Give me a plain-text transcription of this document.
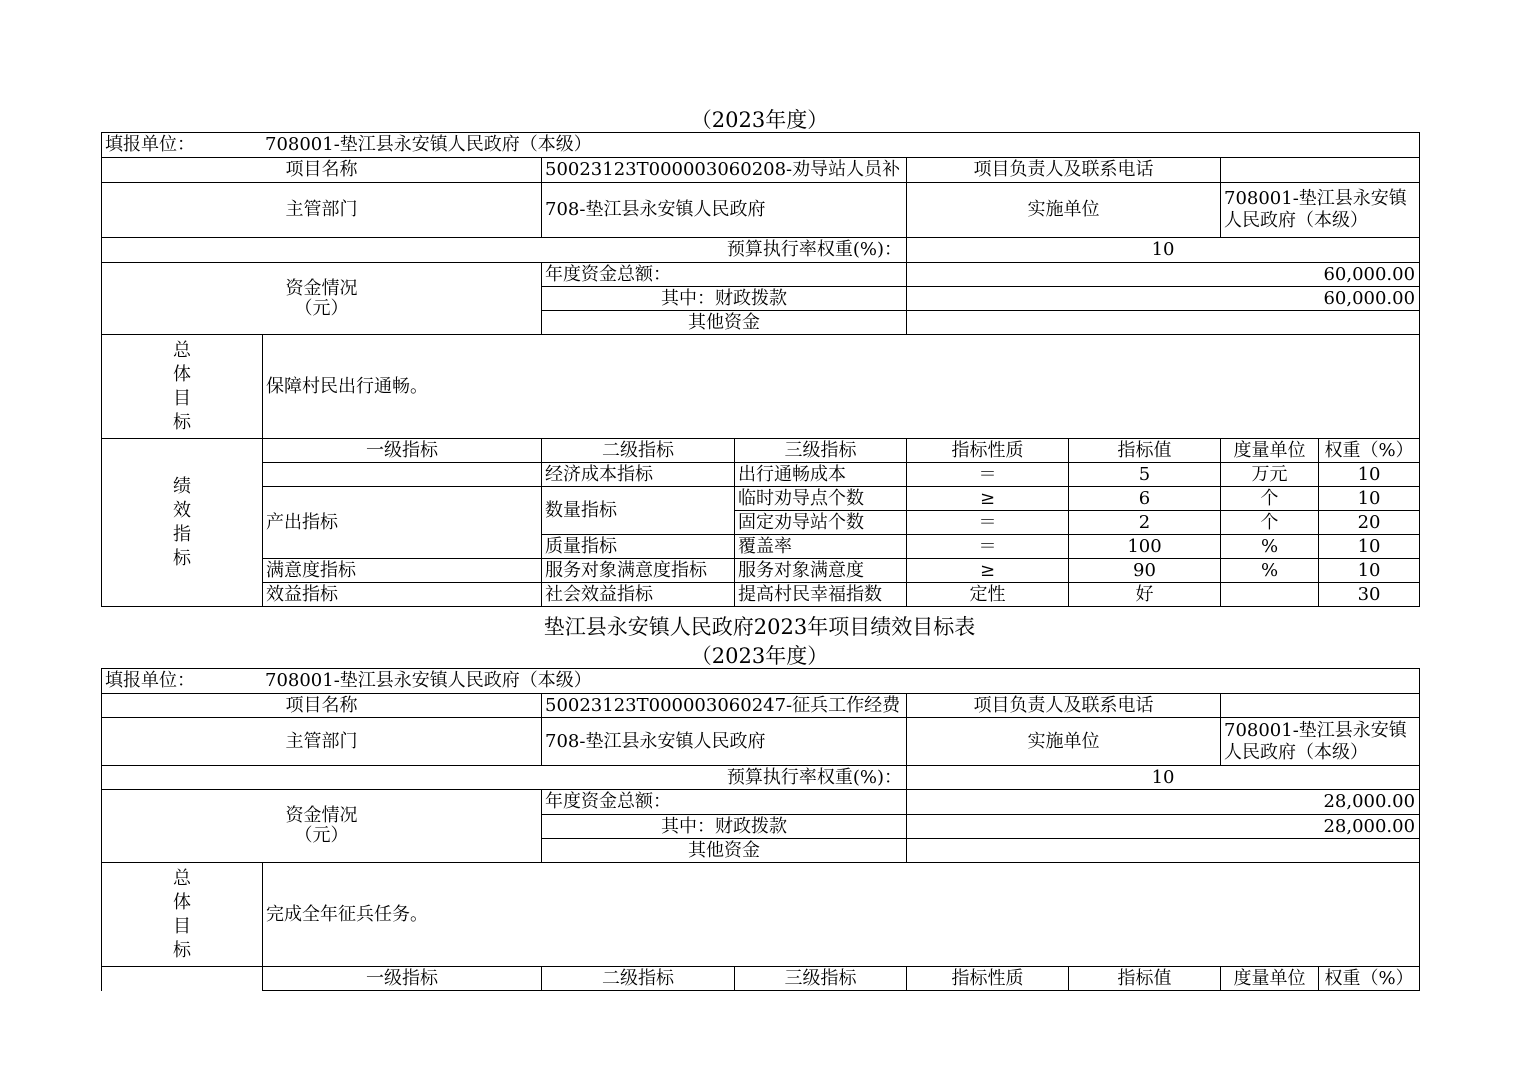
（2023年度）
填报单位： 708001-垫江县永安镇人民政府（本级）							
项目名称		50023123T000003060208-劝导站人员补		项目负责人及联系电话			
主管部门		708-垫江县永安镇人民政府		实施单位		708001-垫江县永安镇人民政府（本级）	
预算执行率权重(%)：				10			

资金情况
（元）		年度资金总额：		60,000.00			
		其中：财政拨款		60,000.00			
		其他资金					

总
体
目
标	保障村民出行通畅。						

绩
效
指
标	一级指标	二级指标	三级指标	指标性质	指标值	度量单位	权重（%）
		经济成本指标	出行通畅成本	＝	5	万元	10
	产出指标	数量指标	临时劝导点个数	≥	6	个	10
			固定劝导站个数	＝	2	个	20
		质量指标	覆盖率	＝	100	%	10
	满意度指标	服务对象满意度指标	服务对象满意度	≥	90	%	10
	效益指标	社会效益指标	提高村民幸福指数	定性	好		30
垫江县永安镇人民政府2023年项目绩效目标表
（2023年度）
填报单位： 708001-垫江县永安镇人民政府（本级）							
项目名称		50023123T000003060247-征兵工作经费		项目负责人及联系电话			
主管部门		708-垫江县永安镇人民政府		实施单位		708001-垫江县永安镇人民政府（本级）	
预算执行率权重(%)：				10			

资金情况
（元）		年度资金总额：		28,000.00			
		其中：财政拨款		28,000.00			
		其他资金					

总
体
目
标	完成全年征兵任务。						
	一级指标	二级指标	三级指标	指标性质	指标值	度量单位	权重（%）
